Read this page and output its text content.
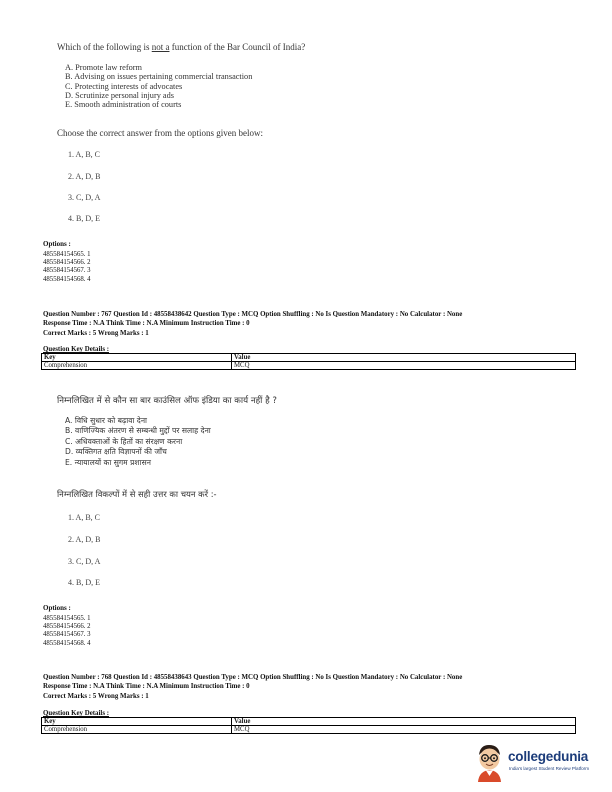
Which of the following is not a function of the Bar Council of India?
A. Promote law reform
B. Advising on issues pertaining commercial transaction
C. Protecting interests of advocates
D. Scrutinize personal injury ads
E. Smooth administration of courts
Choose the correct answer from the options given below:
1. A, B, C
2. A, D, B
3. C, D, A
4. B, D, E
Options :
485584154565. 1
485584154566. 2
485584154567. 3
485584154568. 4
Question Number : 767 Question Id : 48558438642 Question Type : MCQ Option Shuffling : No Is Question Mandatory : No Calculator : None
Response Time : N.A Think Time : N.A Minimum Instruction Time : 0
Correct Marks : 5 Wrong Marks : 1
Question Key Details :
Key	Value
Comprehension	MCQ
निम्नलिखित में से कौन सा बार काउंसिल ऑफ इंडिया का कार्य नहीं है ?
A. विधि सुधार को बढ़ावा देना
B. वाणिज्यिक अंतरण से सम्बन्धी मुद्दों पर सलाह देना
C. अधिवक्ताओं के हितों का संरक्षण करना
D. व्यक्तिगत क्षति विज्ञापनों की जाँच
E. न्यायालयों का सुगम प्रशासन
निम्नलिखित विकल्पों में से सही उत्तर का चयन करें :-
1. A, B, C
2. A, D, B
3. C, D, A
4. B, D, E
Options :
485584154565. 1
485584154566. 2
485584154567. 3
485584154568. 4
Question Number : 768 Question Id : 48558438643 Question Type : MCQ Option Shuffling : No Is Question Mandatory : No Calculator : None
Response Time : N.A Think Time : N.A Minimum Instruction Time : 0
Correct Marks : 5 Wrong Marks : 1
Question Key Details :
Key	Value
Comprehension	MCQ
collegedunia
India's largest Student Review Platform
